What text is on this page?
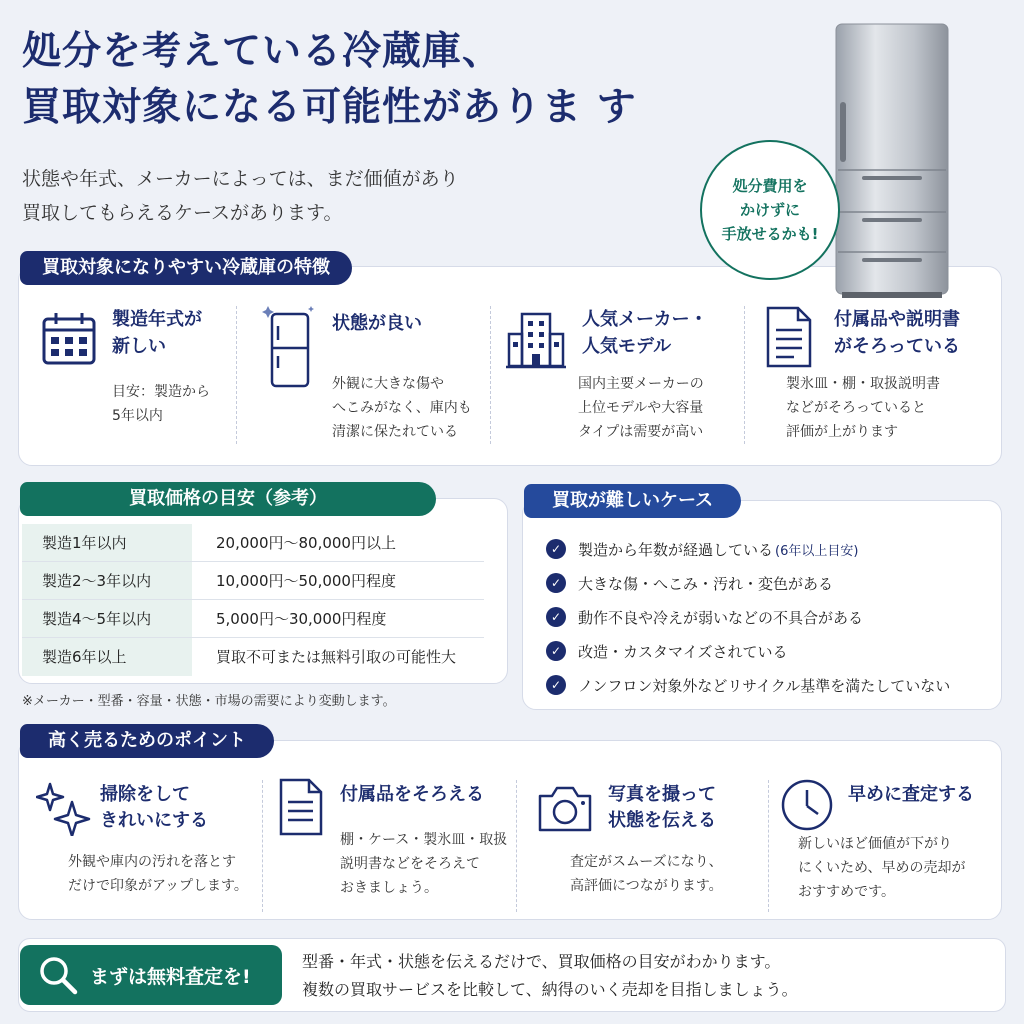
処分を考えている冷蔵庫、
買取対象になる可能性がありま す
状態や年式、メーカーによっては、まだ価値があり
買取してもらえるケースがあります。
処分費用を
かけずに
手放せるかも!
買取対象になりやすい冷蔵庫の特徴
製造年式が
新しい
目安：製造から
5年以内
状態が良い
外観に大きな傷や
へこみがなく、庫内も
清潔に保たれている
人気メーカー・
人気モデル
国内主要メーカーの
上位モデルや大容量
タイプは需要が高い
付属品や説明書
がそろっている
製氷皿・棚・取扱説明書
などがそろっていると
評価が上がります
買取価格の目安（参考）
製造1年以内	20,000円～80,000円以上
製造2～3年以内	10,000円～50,000円程度
製造4～5年以内	5,000円～30,000円程度
製造6年以上	買取不可または無料引取の可能性大
※メーカー・型番・容量・状態・市場の需要により変動します。
買取が難しいケース
✓	製造から年数が経過している (6年以上目安)
✓	大きな傷・へこみ・汚れ・変色がある
✓	動作不良や冷えが弱いなどの不具合がある
✓	改造・カスタマイズされている
✓	ノンフロン対象外などリサイクル基準を満たしていない
高く売るためのポイント
掃除をして
きれいにする
外観や庫内の汚れを落とす
だけで印象がアップします。
付属品をそろえる
棚・ケース・製氷皿・取扱
説明書などをそろえて
おきましょう。
写真を撮って
状態を伝える
査定がスムーズになり、
高評価につながります。
早めに査定する
新しいほど価値が下がり
にくいため、早めの売却が
おすすめです。
まずは無料査定を!
型番・年式・状態を伝えるだけで、買取価格の目安がわかります。
複数の買取サービスを比較して、納得のいく売却を目指しましょう。
